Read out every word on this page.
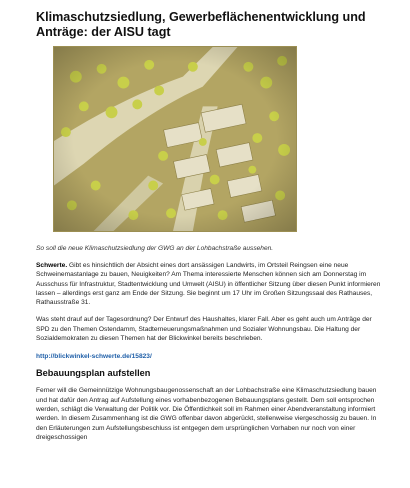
Klimaschutzsiedlung, Gewerbeflächenentwicklung und Anträge: der AISU tagt
So soll die neue Klimaschutzsiedlung der GWG an der Lohbachstraße aussehen.

Schwerte. Gibt es hinsichtlich der Absicht eines dort ansässigen Landwirts, im Ortsteil Reingsen eine neue Schweinemastanlage zu bauen, Neuigkeiten? Am Thema interessierte Menschen können sich am Donnerstag im Ausschuss für Infrastruktur, Stadtentwicklung und Umwelt (AISU) in öffentlicher Sitzung über diesen Punkt informieren lassen – allerdings erst ganz am Ende der Sitzung. Sie beginnt um 17 Uhr im Großen Sitzungssaal des Rathauses, Rathausstraße 31.

Was steht drauf auf der Tagesordnung? Der Entwurf des Haushaltes, klarer Fall. Aber es geht auch um Anträge der SPD zu den Themen Ostendamm, Stadterneuerungsmaßnahmen und Sozialer Wohnungsbau. Die Haltung der Sozialdemokraten zu diesen Themen hat der Blickwinkel bereits beschrieben.

http://blickwinkel-schwerte.de/15823/
Bebauungsplan aufstellen

Ferner will die Gemeinnützige Wohnungsbaugenossenschaft an der Lohbachstraße eine Klimaschutzsiedlung bauen und hat dafür den Antrag auf Aufstellung eines vorhabenbezogenen Bebauungsplans gestellt. Dem soll entsprochen werden, schlägt die Verwaltung der Politik vor. Die Öffentlichkeit soll im Rahmen einer Abendveranstaltung informiert werden. In diesem Zusammenhang ist die GWG offenbar davon abgerückt, stellenweise viergeschossig zu bauen. In den Erläuterungen zum Aufstellungsbeschluss ist entgegen dem ursprünglichen Vorhaben nur noch von einer dreigeschossigen
